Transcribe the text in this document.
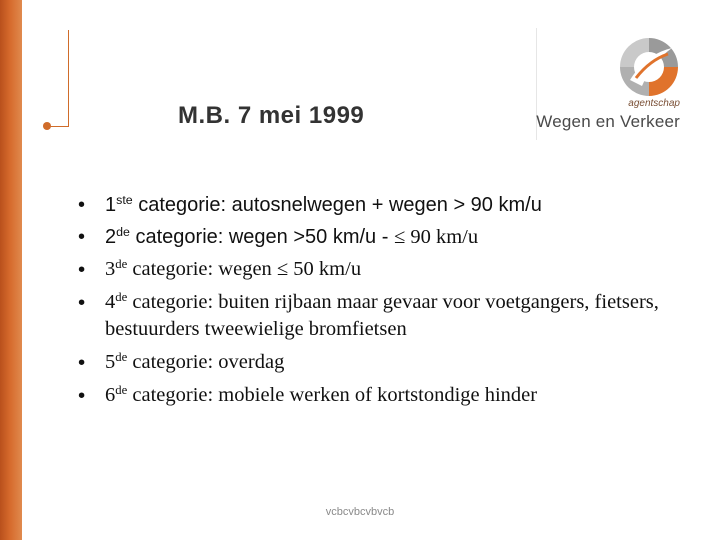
M.B. 7 mei 1999	agentschap
Wegen en Verkeer
• 1ste categorie: autosnelwegen + wegen > 90 km/u
• 2de categorie: wegen >50 km/u - ≤ 90 km/u
• 3de categorie: wegen ≤ 50 km/u
• 4de categorie: buiten rijbaan maar gevaar voor voetgangers, fietsers, bestuurders tweewielige bromfietsen
• 5de categorie: overdag
• 6de categorie: mobiele werken of kortstondige hinder
vcbcvbcvbvcb
